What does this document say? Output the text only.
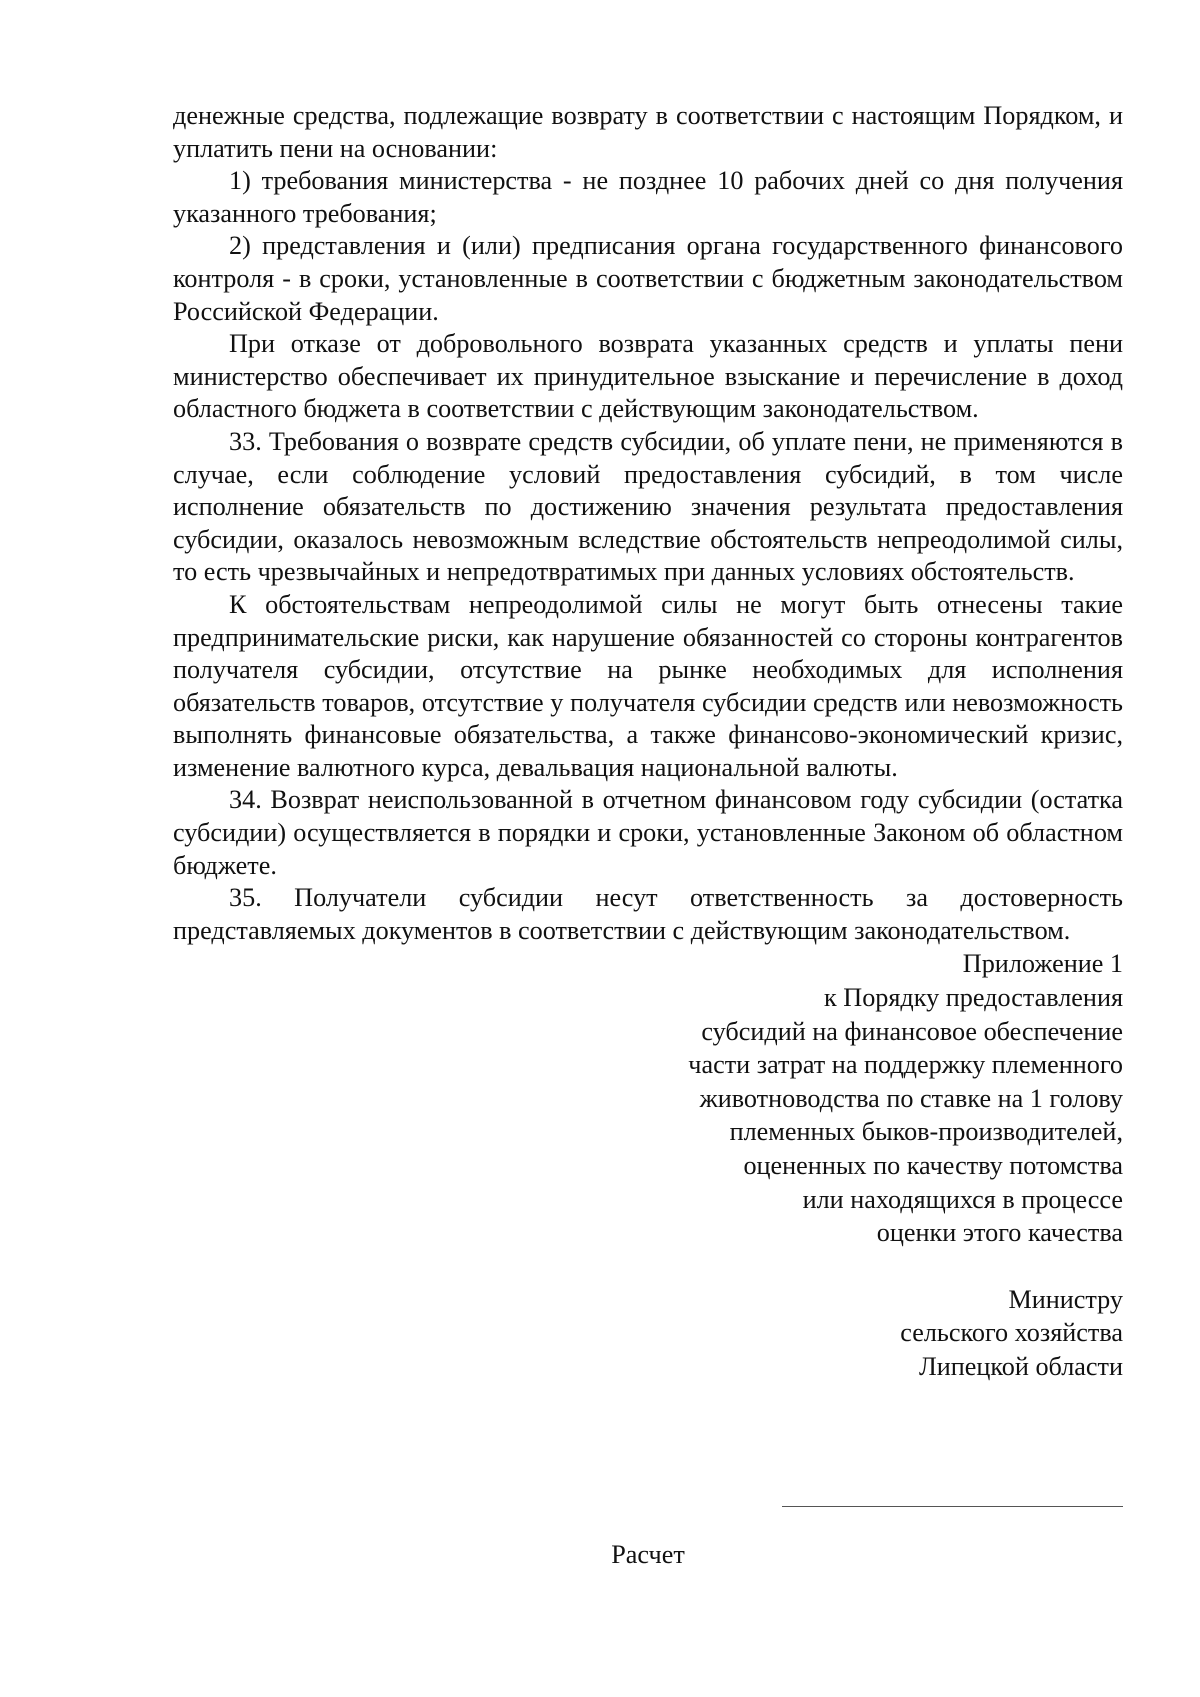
денежные средства, подлежащие возврату в соответствии с настоящим Порядком, и уплатить пени на основании:

1) требования министерства - не позднее 10 рабочих дней со дня получения указанного требования;

2) представления и (или) предписания органа государственного финансового контроля - в сроки, установленные в соответствии с бюджетным законодательством Российской Федерации.

При отказе от добровольного возврата указанных средств и уплаты пени министерство обеспечивает их принудительное взыскание и перечисление в доход областного бюджета в соответствии с действующим законодательством.

33. Требования о возврате средств субсидии, об уплате пени, не применяются в случае, если соблюдение условий предоставления субсидий, в том числе исполнение обязательств по достижению значения результата предоставления субсидии, оказалось невозможным вследствие обстоятельств непреодолимой силы, то есть чрезвычайных и непредотвратимых при данных условиях обстоятельств.

К обстоятельствам непреодолимой силы не могут быть отнесены такие предпринимательские риски, как нарушение обязанностей со стороны контрагентов получателя субсидии, отсутствие на рынке необходимых для исполнения обязательств товаров, отсутствие у получателя субсидии средств или невозможность выполнять финансовые обязательства, а также финансово-экономический кризис, изменение валютного курса, девальвация национальной валюты.

34. Возврат неиспользованной в отчетном финансовом году субсидии (остатка субсидии) осуществляется в порядки и сроки, установленные Законом об областном бюджете.

35. Получатели субсидии несут ответственность за достоверность представляемых документов в соответствии с действующим законодательством.

Приложение 1
к Порядку предоставления
субсидий на финансовое обеспечение
части затрат на поддержку племенного
животноводства по ставке на 1 голову
племенных быков-производителей,
оцененных по качеству потомства
или находящихся в процессе
оценки этого качества
Министру
сельского хозяйства
Липецкой области
Расчет
